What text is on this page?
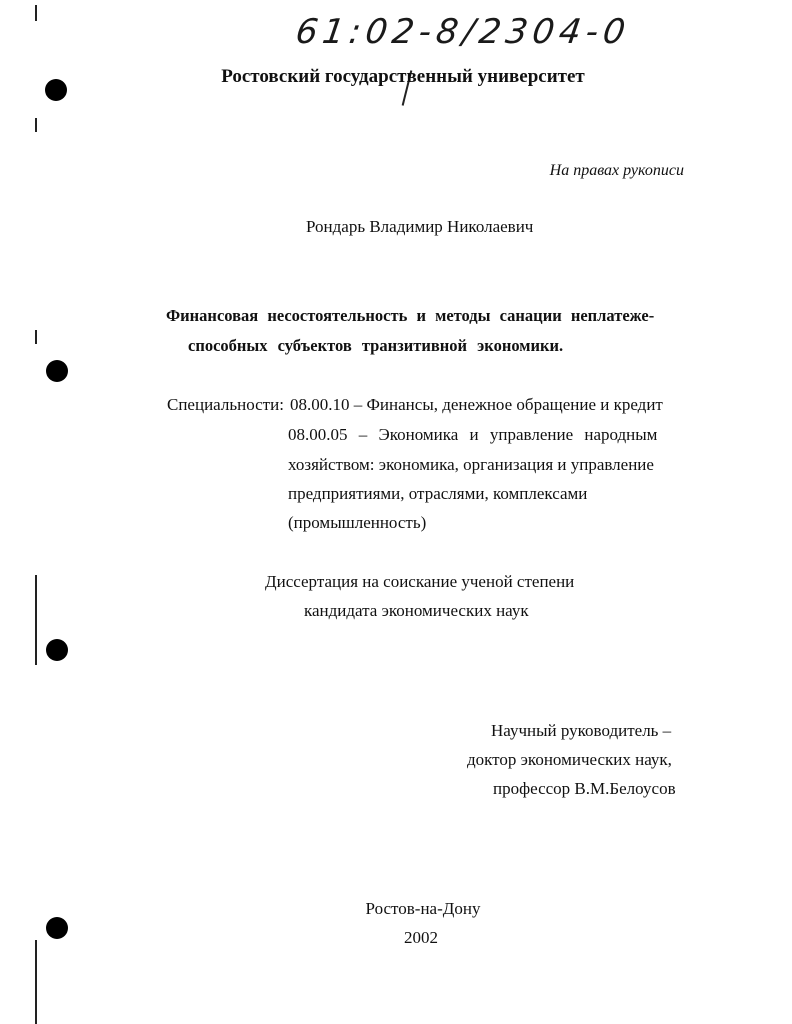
61:02-8/2304-0
Ростовский государственный университет
На правах рукописи
Рондарь Владимир Николаевич
Финансовая несостоятельность и методы санации неплатеже-
способных субъектов транзитивной экономики.
Специальности: 08.00.10 – Финансы, денежное обращение и кредит
08.00.05 – Экономика и управление народным
хозяйством: экономика, организация и управление
предприятиями, отраслями, комплексами
(промышленность)
Диссертация на соискание ученой степени
кандидата экономических наук
Научный руководитель –
доктор экономических наук,
профессор В.М.Белоусов
Ростов-на-Дону
2002
